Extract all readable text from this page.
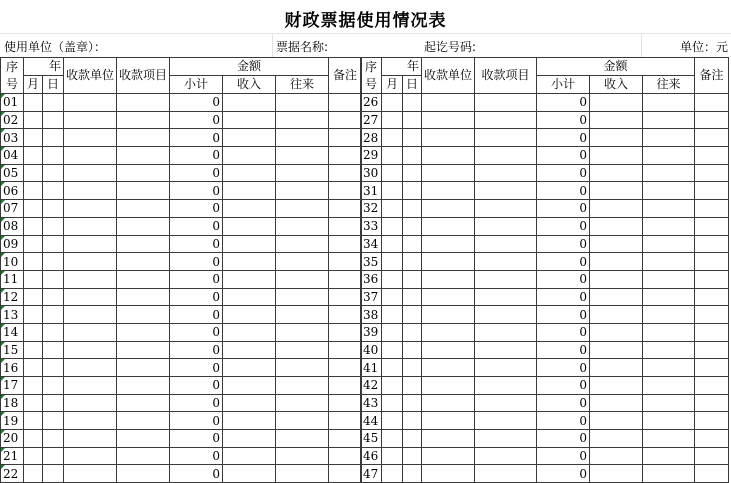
财政票据使用情况表
使用单位（盖章）：	票据名称:	起讫号码:	单位：元
序
号	年		收款单位	收款项目	金额			备注
	月	日			小计	收入	往来	
01					0			
02					0			
03					0			
04					0			
05					0			
06					0			
07					0			
08					0			
09					0			
10					0			
11					0			
12					0			
13					0			
14					0			
15					0			
16					0			
17					0			
18					0			
19					0			
20					0			
21					0			
22					0			
序
号	年		收款单位	收款项目	金额			备注
	月	日			小计	收入	往来	
26					0			
27					0			
28					0			
29					0			
30					0			
31					0			
32					0			
33					0			
34					0			
35					0			
36					0			
37					0			
38					0			
39					0			
40					0			
41					0			
42					0			
43					0			
44					0			
45					0			
46					0			
47					0			
